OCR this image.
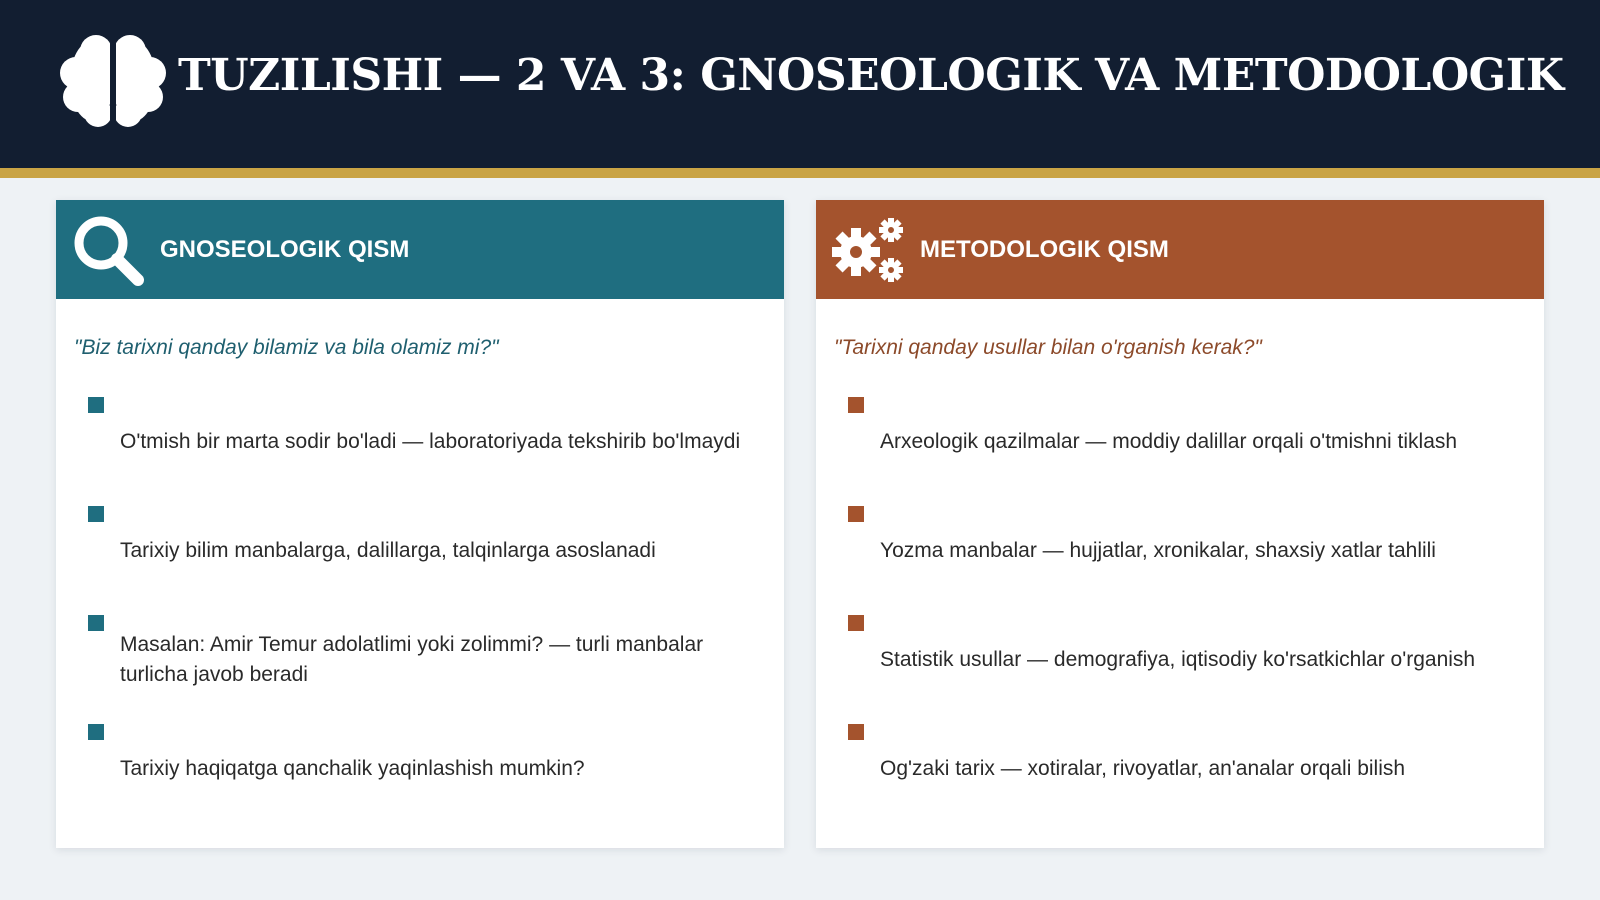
TUZILISHI — 2 VA 3: GNOSEOLOGIK VA METODOLOGIK
GNOSEOLOGIK QISM
"Biz tarixni qanday bilamiz va bila olamiz mi?"
O'tmish bir marta sodir bo'ladi — laboratoriyada tekshirib bo'lmaydi
Tarixiy bilim manbalarga, dalillarga, talqinlarga asoslanadi
Masalan: Amir Temur adolatlimi yoki zolimmi? — turli manbalar turlicha javob beradi
Tarixiy haqiqatga qanchalik yaqinlashish mumkin?
METODOLOGIK QISM
"Tarixni qanday usullar bilan o'rganish kerak?"
Arxeologik qazilmalar — moddiy dalillar orqali o'tmishni tiklash
Yozma manbalar — hujjatlar, xronikalar, shaxsiy xatlar tahlili
Statistik usullar — demografiya, iqtisodiy ko'rsatkichlar o'rganish
Og'zaki tarix — xotiralar, rivoyatlar, an'analar orqali bilish
